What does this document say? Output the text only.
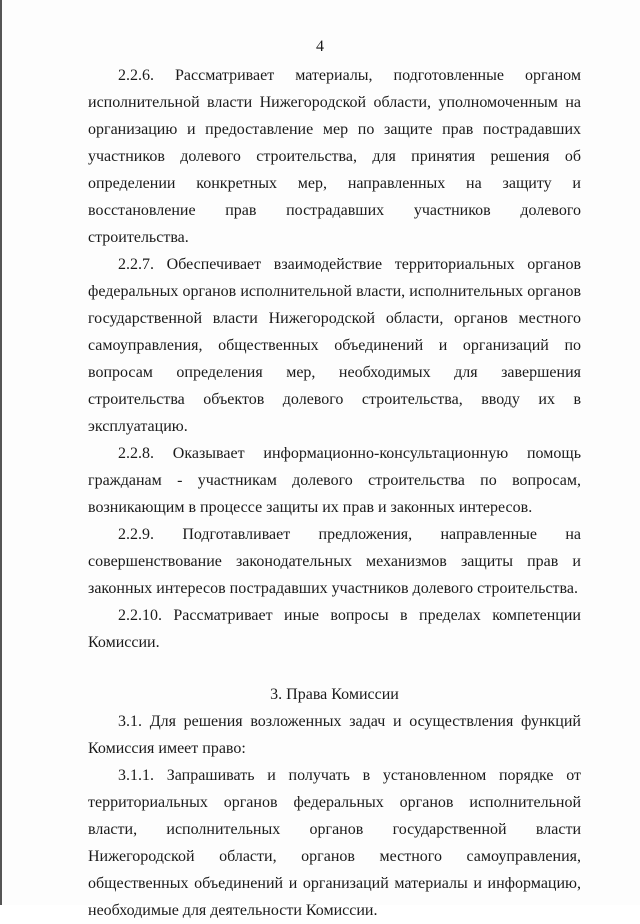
4

2.2.6. Рассматривает материалы, подготовленные органом исполнительной власти Нижегородской области, уполномоченным на организацию и предоставление мер по защите прав пострадавших участников долевого строительства, для принятия решения об определении конкретных мер, направленных на защиту и восстановление прав пострадавших участников долевого строительства.

2.2.7. Обеспечивает взаимодействие территориальных органов федеральных органов исполнительной власти, исполнительных органов государственной власти Нижегородской области, органов местного самоуправления, общественных объединений и организаций по вопросам определения мер, необходимых для завершения строительства объектов долевого строительства, вводу их в эксплуатацию.

2.2.8. Оказывает информационно-консультационную помощь гражданам - участникам долевого строительства по вопросам, возникающим в процессе защиты их прав и законных интересов.

2.2.9. Подготавливает предложения, направленные на совершенствование законодательных механизмов защиты прав и законных интересов пострадавших участников долевого строительства.

2.2.10. Рассматривает иные вопросы в пределах компетенции Комиссии.

3. Права Комиссии

3.1. Для решения возложенных задач и осуществления функций Комиссия имеет право:

3.1.1. Запрашивать и получать в установленном порядке от территориальных органов федеральных органов исполнительной власти, исполнительных органов государственной власти Нижегородской области, органов местного самоуправления, общественных объединений и организаций материалы и информацию, необходимые для деятельности Комиссии.
